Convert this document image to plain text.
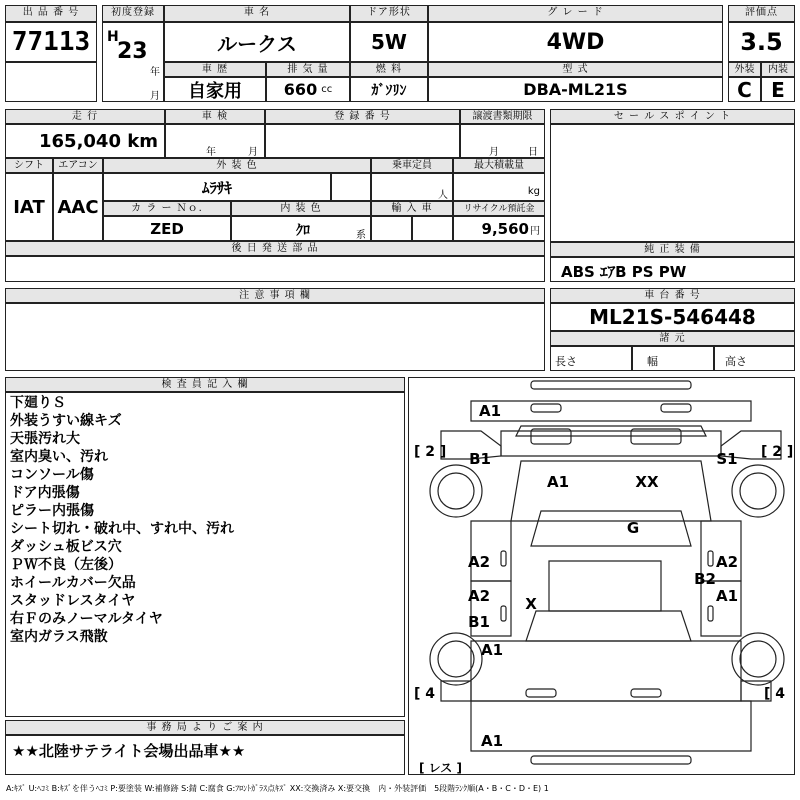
出 品 番 号
77113
初度登録
H
23
年
月
車 名
ルークス
ドア形状
5W
グ レ ー ド
4WD
評価点
3.5
車 歴
自家用
排 気 量
660 cc
燃 料
ｶﾞｿﾘﾝ
型 式
DBA-ML21S
外装	内装
C E
走 行
165,040 km
車 検
年	月
登 録 番 号	譲渡書類期限
月	日
シフト	エアコン
IAT AAC
外 装 色
ﾑﾗｻｷ
乗車定員
人
最大積載量
kg
カ ラ ー Ｎｏ.
ZED
内 装 色
ｸﾛ	系
輸 入 車	リサイクル預託金
9,560円
後 日 発 送 部 品
セ ー ル ス ポ イ ン ト
純 正 装 備
ABS ｴｱB PS PW
注 意 事 項 欄	車 台 番 号
ML21S-546448
諸 元
長さ	幅	高さ
検 査 員 記 入 欄
下廻りＳ
外装うすい線キズ
天張汚れ大
室内臭い、汚れ
コンソール傷
ドア内張傷
ピラー内張傷
シート切れ・破れ中、すれ中、汚れ
ダッシュ板ビス穴
ＰＷ不良（左後）
ホイールカバー欠品
スタッドレスタイヤ
右Ｆのみノーマルタイヤ
室内ガラス飛散
事 務 局 よ り ご 案 内
★★北陸サテライト会場出品車★★
A1
B1
A1	XX
G
S1
A2	A2
A2
B1
X
B2
A1
A1
A1
[ 2 ]	[ 2 ]
[ 4	[ 4
[ レス ]
A:ｷｽﾞ U:ﾍｺﾐ B:ｷｽﾞを伴うﾍｺﾐ P:要塗装 W:補修跡 S:錆 C:腐食 G:ﾌﾛﾝﾄｶﾞﾗｽ点ｷｽﾞ XX:交換済み X:要交換　内・外装評価　5段階ﾗﾝｸ順(A・B・C・D・E) 1
